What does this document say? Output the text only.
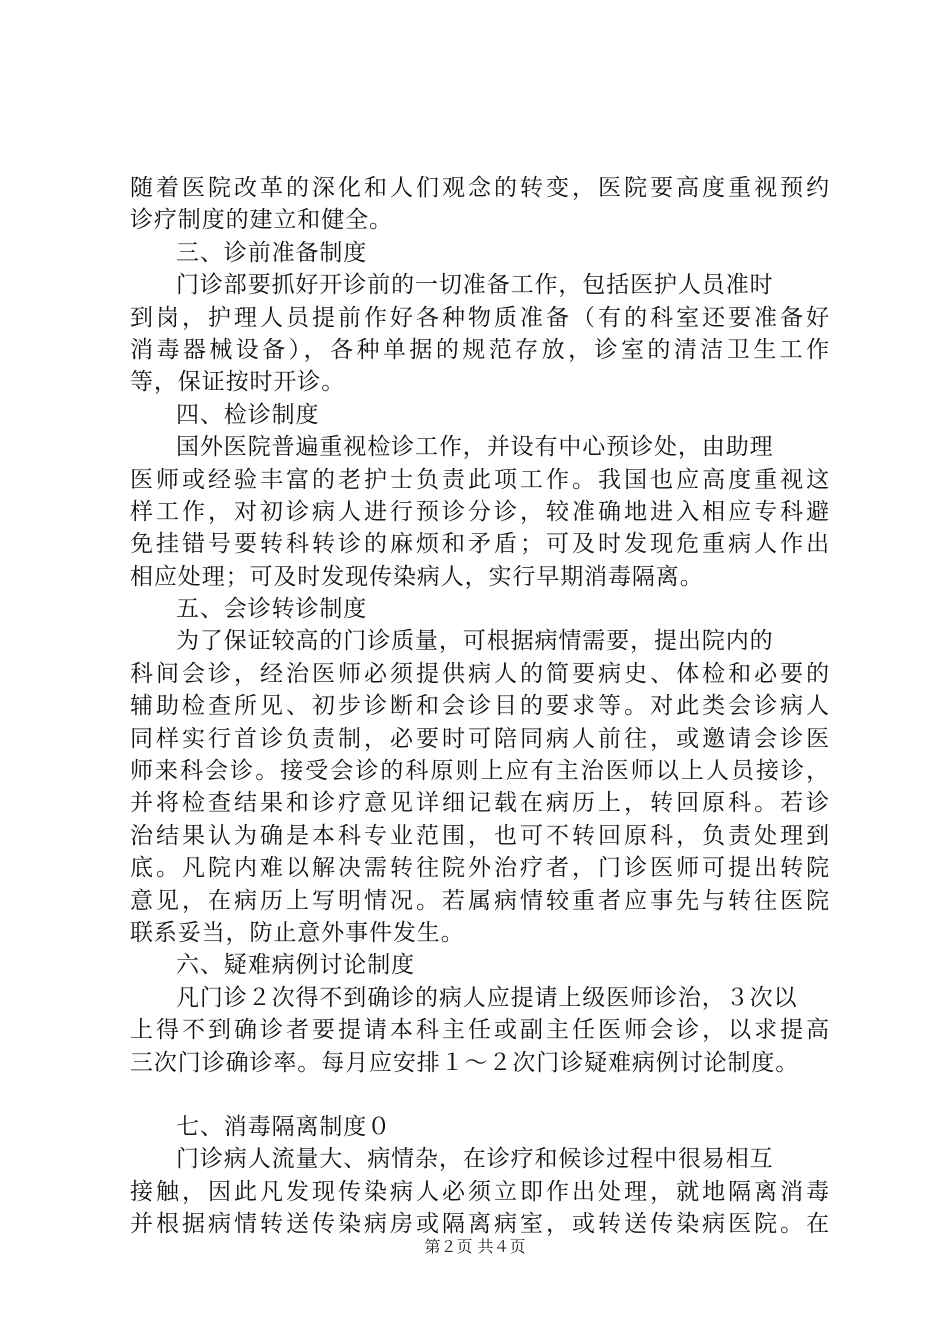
随着医院改革的深化和人们观念的转变，医院要高度重视预约
诊疗制度的建立和健全。
三、诊前准备制度
门诊部要抓好开诊前的一切准备工作，包括医护人员准时
到岗，护理人员提前作好各种物质准备（有的科室还要准备好
消毒器械设备），各种单据的规范存放，诊室的清洁卫生工作
等，保证按时开诊。
四、检诊制度
国外医院普遍重视检诊工作，并设有中心预诊处，由助理
医师或经验丰富的老护士负责此项工作。我国也应高度重视这
样工作，对初诊病人进行预诊分诊，较准确地进入相应专科避
免挂错号要转科转诊的麻烦和矛盾；可及时发现危重病人作出
相应处理；可及时发现传染病人，实行早期消毒隔离。
五、会诊转诊制度
为了保证较高的门诊质量，可根据病情需要，提出院内的
科间会诊，经治医师必须提供病人的简要病史、体检和必要的
辅助检查所见、初步诊断和会诊目的要求等。对此类会诊病人
同样实行首诊负责制，必要时可陪同病人前往，或邀请会诊医
师来科会诊。接受会诊的科原则上应有主治医师以上人员接诊，
并将检查结果和诊疗意见详细记载在病历上，转回原科。若诊
治结果认为确是本科专业范围，也可不转回原科，负责处理到
底。凡院内难以解决需转往院外治疗者，门诊医师可提出转院
意见，在病历上写明情况。若属病情较重者应事先与转往医院
联系妥当，防止意外事件发生。
六、疑难病例讨论制度
凡门诊２次得不到确诊的病人应提请上级医师诊治，３次以
上得不到确诊者要提请本科主任或副主任医师会诊，以求提高
三次门诊确诊率。每月应安排１～２次门诊疑难病例讨论制度。
七、消毒隔离制度０
门诊病人流量大、病情杂，在诊疗和候诊过程中很易相互
接触，因此凡发现传染病人必须立即作出处理，就地隔离消毒
并根据病情转送传染病房或隔离病室，或转送传染病医院。在
第２页 共４页
